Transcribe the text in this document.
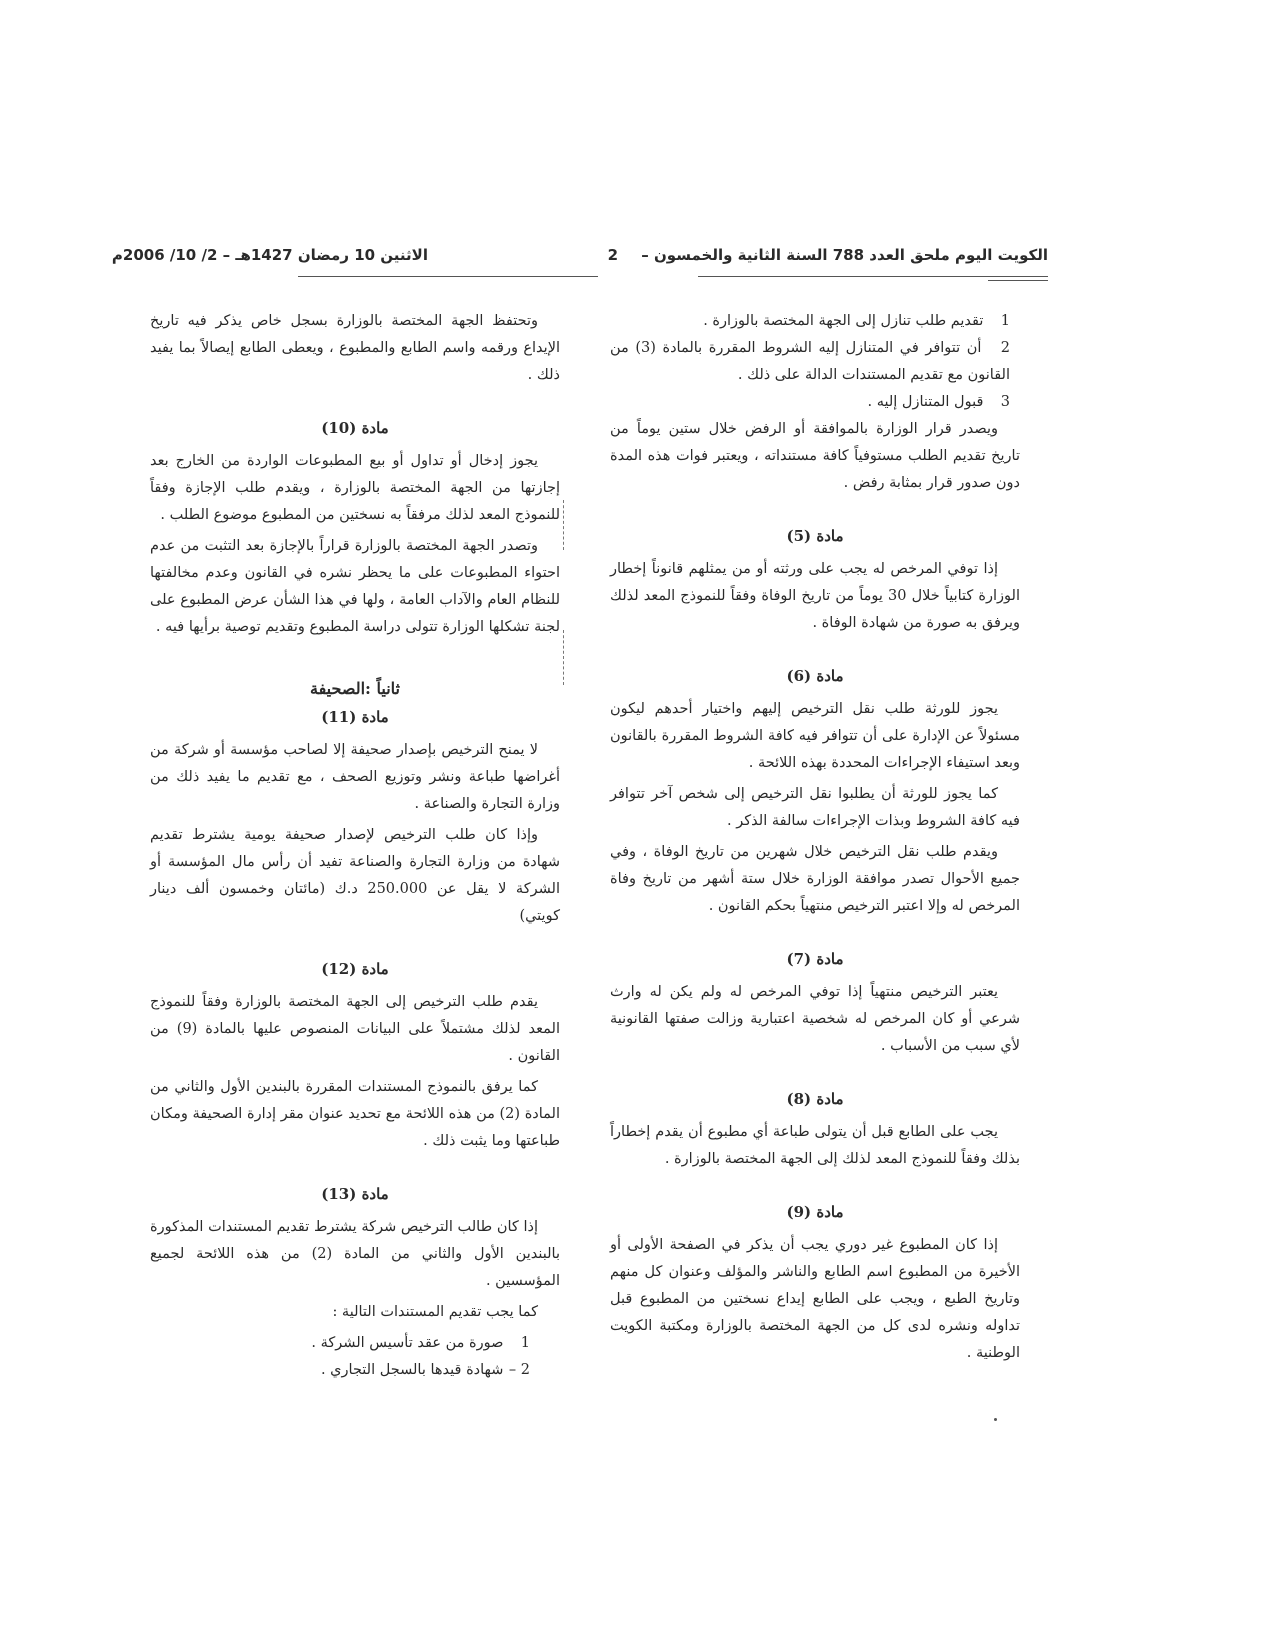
الكويت اليوم ملحق العدد 788 السنة الثانية والخمسون – 2
الاثنين 10 رمضان 1427هـ – 2/ 10/ 2006م
1 تقديم طلب تنازل إلى الجهة المختصة بالوزارة .
2 أن تتوافر في المتنازل إليه الشروط المقررة بالمادة (3) من القانون مع تقديم المستندات الدالة على ذلك .
3 قبول المتنازل إليه .

ويصدر قرار الوزارة بالموافقة أو الرفض خلال ستين يوماً من تاريخ تقديم الطلب مستوفياً كافة مستنداته ، ويعتبر فوات هذه المدة دون صدور قرار بمثابة رفض .

مادة (5)

إذا توفي المرخص له يجب على ورثته أو من يمثلهم قانوناً إخطار الوزارة كتابياً خلال 30 يوماً من تاريخ الوفاة وفقاً للنموذج المعد لذلك ويرفق به صورة من شهادة الوفاة .

مادة (6)

يجوز للورثة طلب نقل الترخيص إليهم واختيار أحدهم ليكون مسئولاً عن الإدارة على أن تتوافر فيه كافة الشروط المقررة بالقانون وبعد استيفاء الإجراءات المحددة بهذه اللائحة .

كما يجوز للورثة أن يطلبوا نقل الترخيص إلى شخص آخر تتوافر فيه كافة الشروط وبذات الإجراءات سالفة الذكر .

ويقدم طلب نقل الترخيص خلال شهرين من تاريخ الوفاة ، وفي جميع الأحوال تصدر موافقة الوزارة خلال ستة أشهر من تاريخ وفاة المرخص له وإلا اعتبر الترخيص منتهياً بحكم القانون .

مادة (7)

يعتبر الترخيص منتهياً إذا توفي المرخص له ولم يكن له وارث شرعي أو كان المرخص له شخصية اعتبارية وزالت صفتها القانونية لأي سبب من الأسباب .

مادة (8)

يجب على الطابع قبل أن يتولى طباعة أي مطبوع أن يقدم إخطاراً بذلك وفقاً للنموذج المعد لذلك إلى الجهة المختصة بالوزارة .

مادة (9)

إذا كان المطبوع غير دوري يجب أن يذكر في الصفحة الأولى أو الأخيرة من المطبوع اسم الطابع والناشر والمؤلف وعنوان كل منهم وتاريخ الطبع ، ويجب على الطابع إيداع نسختين من المطبوع قبل تداوله ونشره لدى كل من الجهة المختصة بالوزارة ومكتبة الكويت الوطنية .

وتحتفظ الجهة المختصة بالوزارة بسجل خاص يذكر فيه تاريخ الإيداع ورقمه واسم الطابع والمطبوع ، ويعطى الطابع إيصالاً بما يفيد ذلك .

مادة (10)

يجوز إدخال أو تداول أو بيع المطبوعات الواردة من الخارج بعد إجازتها من الجهة المختصة بالوزارة ، ويقدم طلب الإجازة وفقاً للنموذج المعد لذلك مرفقاً به نسختين من المطبوع موضوع الطلب .

وتصدر الجهة المختصة بالوزارة قراراً بالإجازة بعد التثبت من عدم احتواء المطبوعات على ما يحظر نشره في القانون وعدم مخالفتها للنظام العام والآداب العامة ، ولها في هذا الشأن عرض المطبوع على لجنة تشكلها الوزارة تتولى دراسة المطبوع وتقديم توصية برأيها فيه .

ثانياً :الصحيفة
مادة (11)

لا يمنح الترخيص بإصدار صحيفة إلا لصاحب مؤسسة أو شركة من أغراضها طباعة ونشر وتوزيع الصحف ، مع تقديم ما يفيد ذلك من وزارة التجارة والصناعة .

وإذا كان طلب الترخيص لإصدار صحيفة يومية يشترط تقديم شهادة من وزارة التجارة والصناعة تفيد أن رأس مال المؤسسة أو الشركة لا يقل عن 250.000 د.ك (مائتان وخمسون ألف دينار كويتي)

مادة (12)

يقدم طلب الترخيص إلى الجهة المختصة بالوزارة وفقاً للنموذج المعد لذلك مشتملاً على البيانات المنصوص عليها بالمادة (9) من القانون .

كما يرفق بالنموذج المستندات المقررة بالبندين الأول والثاني من المادة (2) من هذه اللائحة مع تحديد عنوان مقر إدارة الصحيفة ومكان طباعتها وما يثبت ذلك .

مادة (13)

إذا كان طالب الترخيص شركة يشترط تقديم المستندات المذكورة بالبندين الأول والثاني من المادة (2) من هذه اللائحة لجميع المؤسسين .

كما يجب تقديم المستندات التالية :

1 صورة من عقد تأسيس الشركة .
2 – شهادة قيدها بالسجل التجاري .
